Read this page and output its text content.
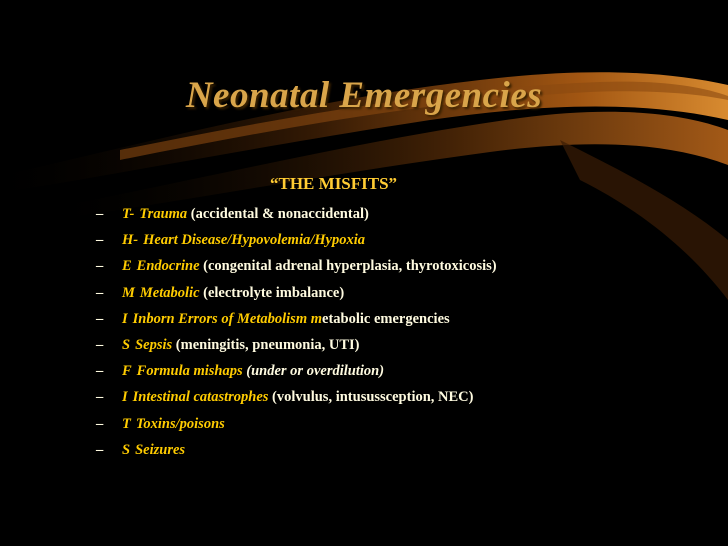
Neonatal Emergencies
“THE MISFITS”
– T- Trauma (accidental & nonaccidental)
– H- Heart Disease/Hypovolemia/Hypoxia
– E Endocrine (congenital adrenal hyperplasia, thyrotoxicosis)
– M Metabolic (electrolyte imbalance)
– I Inborn Errors of Metabolism metabolic emergencies
– S Sepsis (meningitis, pneumonia, UTI)
– F Formula mishaps (under or overdilution)
– I Intestinal catastrophes (volvulus, intusussception, NEC)
– T Toxins/poisons
– S Seizures
